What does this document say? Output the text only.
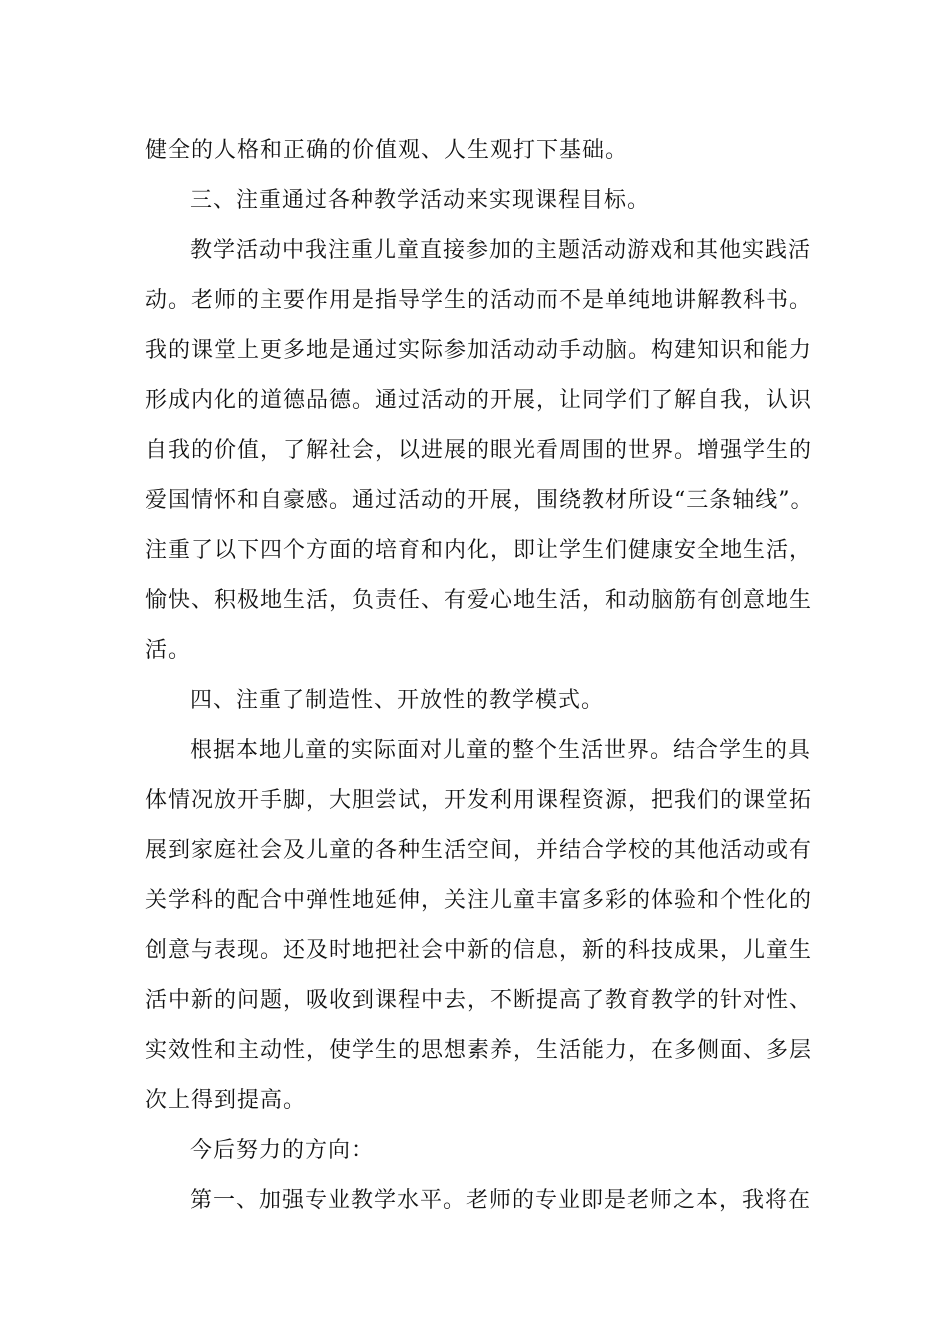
健全的人格和正确的价值观、人生观打下基础。
三、注重通过各种教学活动来实现课程目标。
教学活动中我注重儿童直接参加的主题活动游戏和其他实践活
动。老师的主要作用是指导学生的活动而不是单纯地讲解教科书。
我的课堂上更多地是通过实际参加活动动手动脑。构建知识和能力
形成内化的道德品德。通过活动的开展，让同学们了解自我，认识
自我的价值，了解社会，以进展的眼光看周围的世界。增强学生的
爱国情怀和自豪感。通过活动的开展，围绕教材所设“三条轴线”。
注重了以下四个方面的培育和内化，即让学生们健康安全地生活，
愉快、积极地生活，负责任、有爱心地生活，和动脑筋有创意地生
活。
四、注重了制造性、开放性的教学模式。
根据本地儿童的实际面对儿童的整个生活世界。结合学生的具
体情况放开手脚，大胆尝试，开发利用课程资源，把我们的课堂拓
展到家庭社会及儿童的各种生活空间，并结合学校的其他活动或有
关学科的配合中弹性地延伸，关注儿童丰富多彩的体验和个性化的
创意与表现。还及时地把社会中新的信息，新的科技成果，儿童生
活中新的问题，吸收到课程中去，不断提高了教育教学的针对性、
实效性和主动性，使学生的思想素养，生活能力，在多侧面、多层
次上得到提高。
今后努力的方向：
第一、加强专业教学水平。老师的专业即是老师之本，我将在
